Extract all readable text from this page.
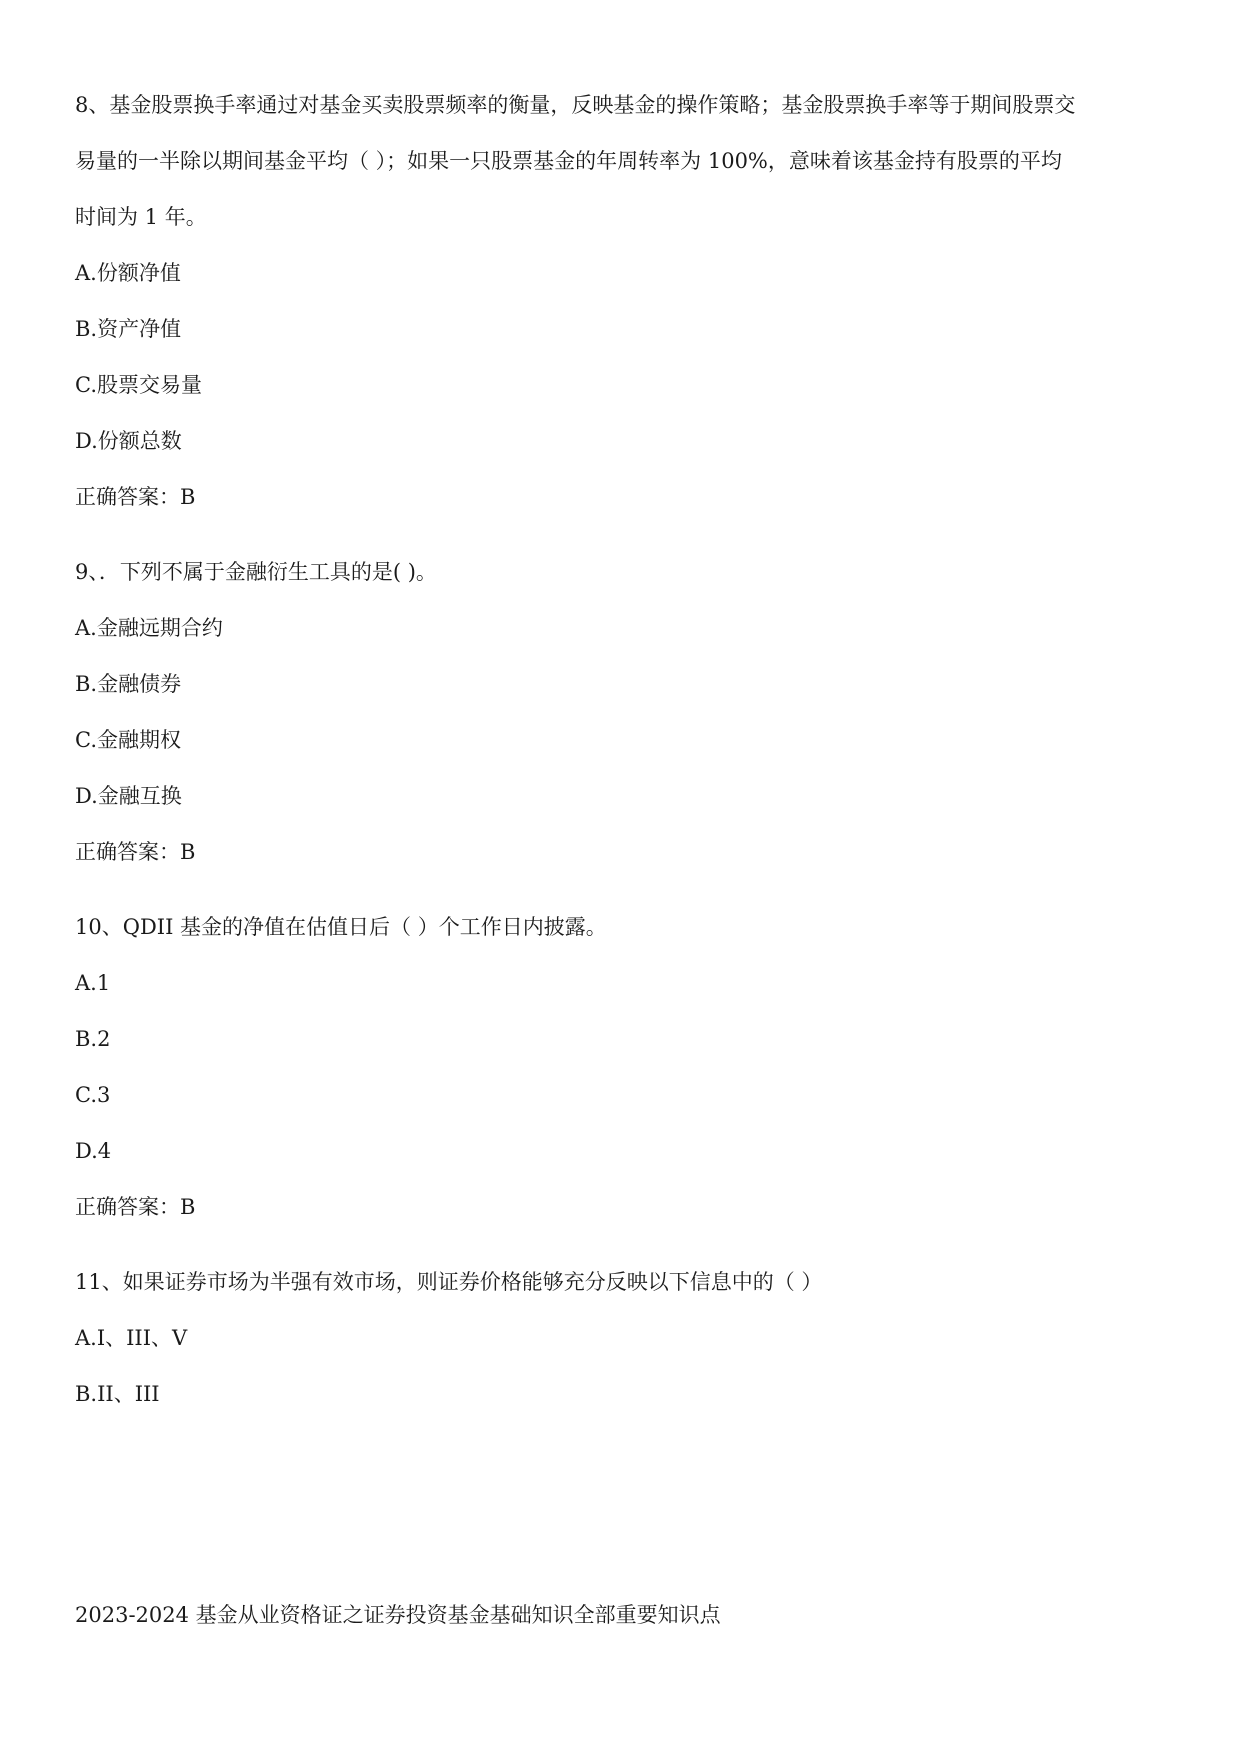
8、基金股票换手率通过对基金买卖股票频率的衡量，反映基金的操作策略；基金股票换手率等于期间股票交
易量的一半除以期间基金平均（ ）；如果一只股票基金的年周转率为 100%，意味着该基金持有股票的平均
时间为 1 年。
A.份额净值
B.资产净值
C.股票交易量
D.份额总数
正确答案：B
9、．下列不属于金融衍生工具的是( )。
A.金融远期合约
B.金融债券
C.金融期权
D.金融互换
正确答案：B
10、QDII 基金的净值在估值日后（ ）个工作日内披露。
A.1
B.2
C.3
D.4
正确答案：B
11、如果证券市场为半强有效市场，则证券价格能够充分反映以下信息中的（ ）
A.I、III、V
B.II、III
2023-2024 基金从业资格证之证券投资基金基础知识全部重要知识点
